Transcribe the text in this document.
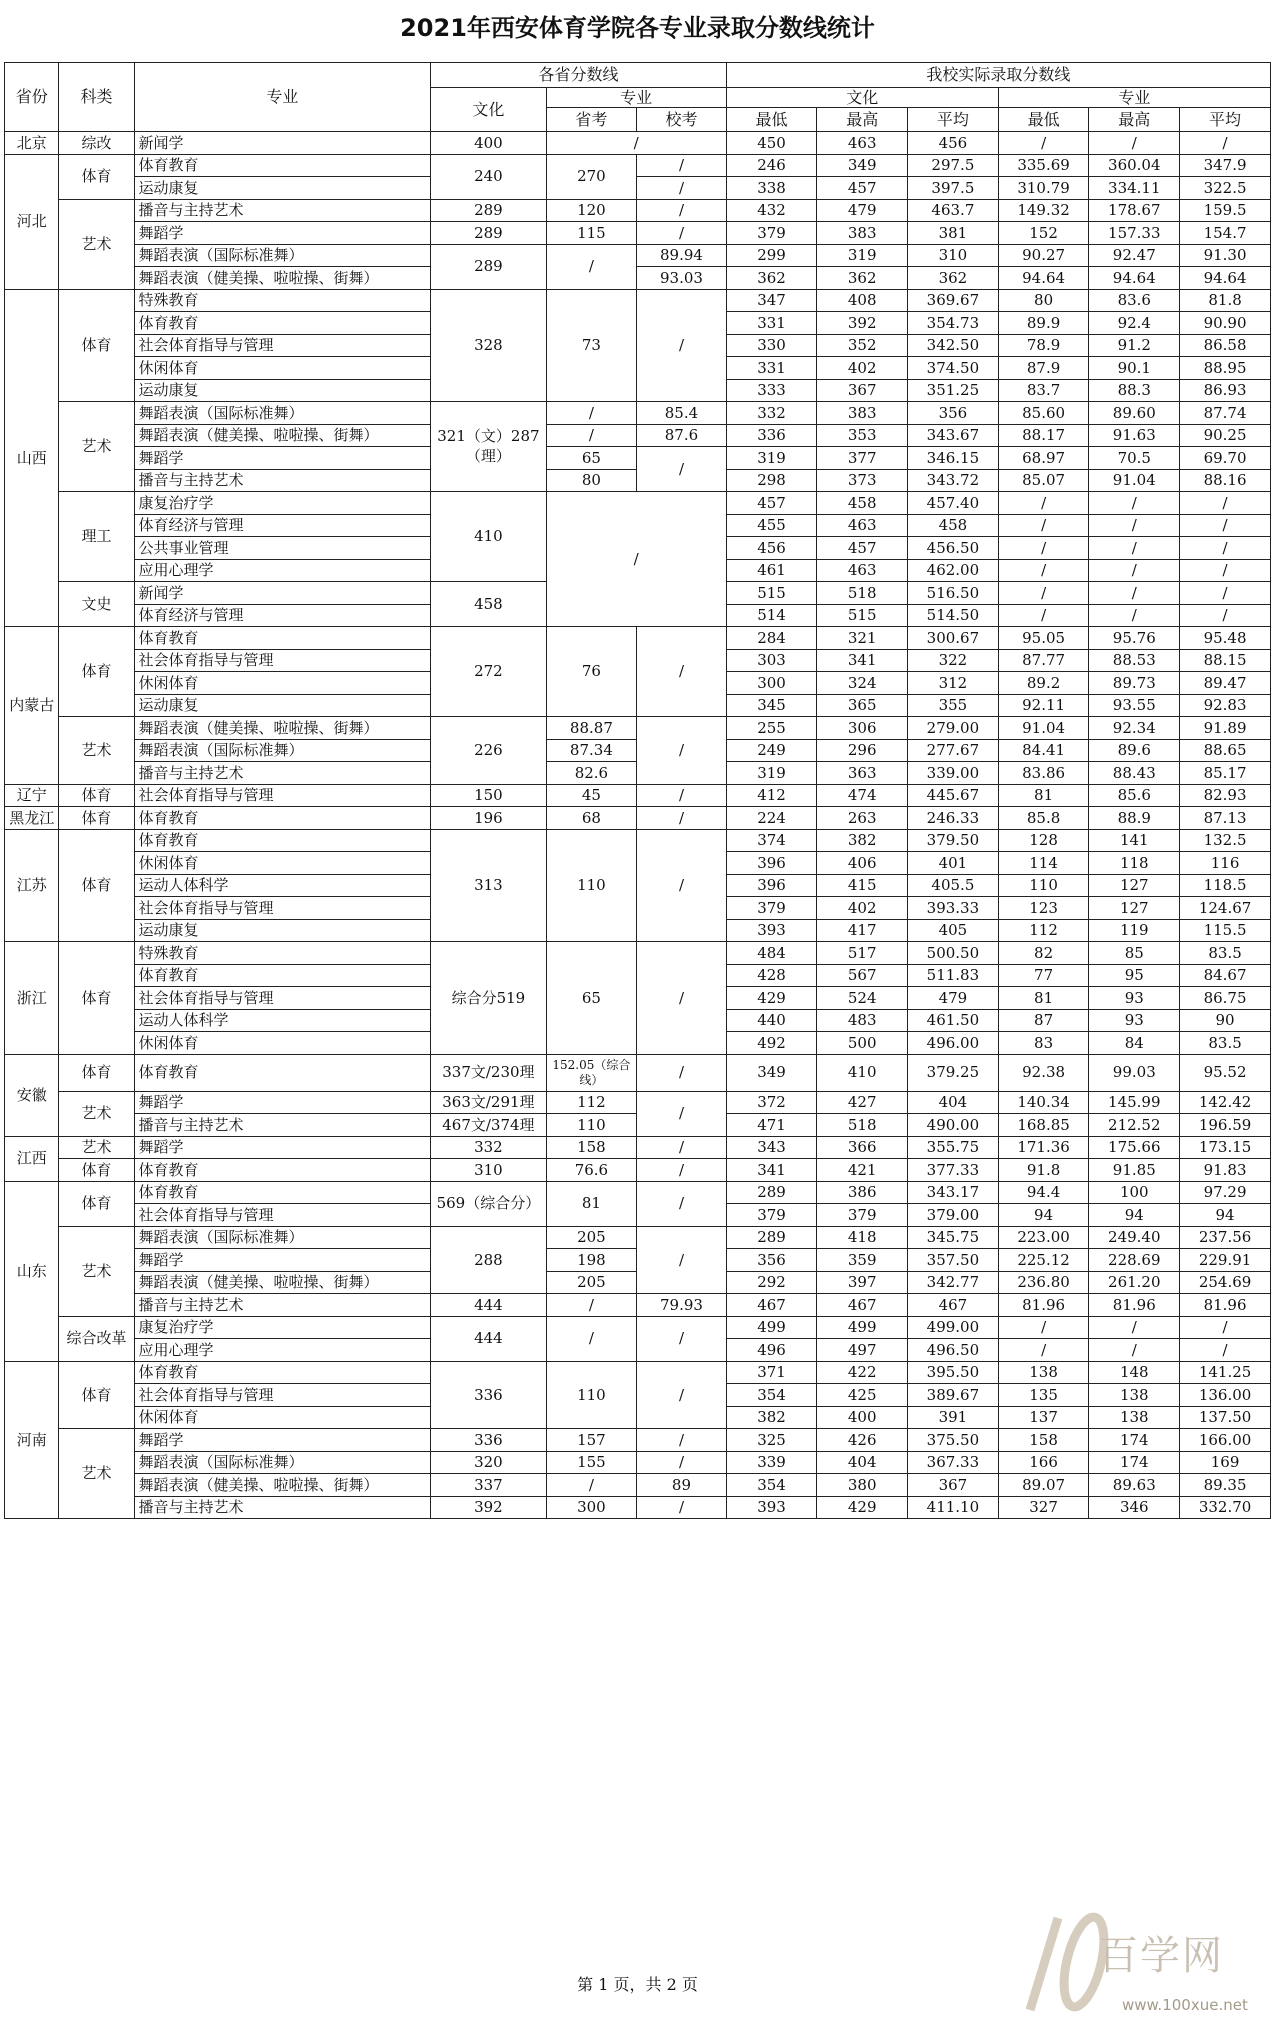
2021年西安体育学院各专业录取分数线统计
省份	科类	专业	各省分数线			我校实际录取分数线					
			文化	专业		文化			专业		
				省考	校考	最低	最高	平均	最低	最高	平均
北京	综改	新闻学	400	/		450	463	456	/	/	/
河北	体育	体育教育	240	270	/	246	349	297.5	335.69	360.04	347.9
		运动康复			/	338	457	397.5	310.79	334.11	322.5
	艺术	播音与主持艺术	289	120	/	432	479	463.7	149.32	178.67	159.5
		舞蹈学	289	115	/	379	383	381	152	157.33	154.7
		舞蹈表演（国际标准舞）	289	/	89.94	299	319	310	90.27	92.47	91.30
		舞蹈表演（健美操、啦啦操、街舞）			93.03	362	362	362	94.64	94.64	94.64
山西	体育	特殊教育	328	73	/	347	408	369.67	80	83.6	81.8
		体育教育				331	392	354.73	89.9	92.4	90.90
		社会体育指导与管理				330	352	342.50	78.9	91.2	86.58
		休闲体育				331	402	374.50	87.9	90.1	88.95
		运动康复				333	367	351.25	83.7	88.3	86.93
	艺术	舞蹈表演（国际标准舞）	321（文）287（理）	/	85.4	332	383	356	85.60	89.60	87.74
		舞蹈表演（健美操、啦啦操、街舞）		/	87.6	336	353	343.67	88.17	91.63	90.25
		舞蹈学		65	/	319	377	346.15	68.97	70.5	69.70
		播音与主持艺术		80		298	373	343.72	85.07	91.04	88.16
	理工	康复治疗学	410	/		457	458	457.40	/	/	/
		体育经济与管理				455	463	458	/	/	/
		公共事业管理				456	457	456.50	/	/	/
		应用心理学				461	463	462.00	/	/	/
	文史	新闻学	458			515	518	516.50	/	/	/
		体育经济与管理				514	515	514.50	/	/	/
内蒙古	体育	体育教育	272	76	/	284	321	300.67	95.05	95.76	95.48
		社会体育指导与管理				303	341	322	87.77	88.53	88.15
		休闲体育				300	324	312	89.2	89.73	89.47
		运动康复				345	365	355	92.11	93.55	92.83
	艺术	舞蹈表演（健美操、啦啦操、街舞）	226	88.87	/	255	306	279.00	91.04	92.34	91.89
		舞蹈表演（国际标准舞）		87.34		249	296	277.67	84.41	89.6	88.65
		播音与主持艺术		82.6		319	363	339.00	83.86	88.43	85.17
辽宁	体育	社会体育指导与管理	150	45	/	412	474	445.67	81	85.6	82.93
黑龙江	体育	体育教育	196	68	/	224	263	246.33	85.8	88.9	87.13
江苏	体育	体育教育	313	110	/	374	382	379.50	128	141	132.5
		休闲体育				396	406	401	114	118	116
		运动人体科学				396	415	405.5	110	127	118.5
		社会体育指导与管理				379	402	393.33	123	127	124.67
		运动康复				393	417	405	112	119	115.5
浙江	体育	特殊教育	综合分519	65	/	484	517	500.50	82	85	83.5
		体育教育				428	567	511.83	77	95	84.67
		社会体育指导与管理				429	524	479	81	93	86.75
		运动人体科学				440	483	461.50	87	93	90
		休闲体育				492	500	496.00	83	84	83.5
安徽	体育	体育教育	337文/230理	152.05（综合线）	/	349	410	379.25	92.38	99.03	95.52
	艺术	舞蹈学	363文/291理	112	/	372	427	404	140.34	145.99	142.42
		播音与主持艺术	467文/374理	110		471	518	490.00	168.85	212.52	196.59
江西	艺术	舞蹈学	332	158	/	343	366	355.75	171.36	175.66	173.15
	体育	体育教育	310	76.6	/	341	421	377.33	91.8	91.85	91.83
山东	体育	体育教育	569（综合分）	81	/	289	386	343.17	94.4	100	97.29
		社会体育指导与管理				379	379	379.00	94	94	94
	艺术	舞蹈表演（国际标准舞）	288	205	/	289	418	345.75	223.00	249.40	237.56
		舞蹈学		198		356	359	357.50	225.12	228.69	229.91
		舞蹈表演（健美操、啦啦操、街舞）		205		292	397	342.77	236.80	261.20	254.69
		播音与主持艺术	444	/	79.93	467	467	467	81.96	81.96	81.96
	综合改革	康复治疗学	444	/	/	499	499	499.00	/	/	/
		应用心理学				496	497	496.50	/	/	/
河南	体育	体育教育	336	110	/	371	422	395.50	138	148	141.25
		社会体育指导与管理				354	425	389.67	135	138	136.00
		休闲体育				382	400	391	137	138	137.50
	艺术	舞蹈学	336	157	/	325	426	375.50	158	174	166.00
		舞蹈表演（国际标准舞）	320	155	/	339	404	367.33	166	174	169
		舞蹈表演（健美操、啦啦操、街舞）	337	/	89	354	380	367	89.07	89.63	89.35
		播音与主持艺术	392	300	/	393	429	411.10	327	346	332.70
第 1 页，共 2 页
百学网
www.100xue.net
